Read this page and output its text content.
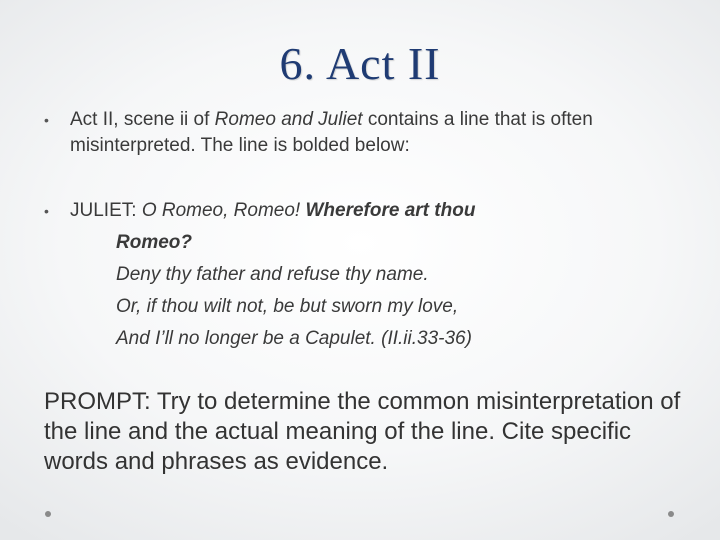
6. Act II
• Act II, scene ii of Romeo and Juliet contains a line that is often misinterpreted. The line is bolded below:
• JULIET: O Romeo, Romeo! Wherefore art thou
Romeo?
Deny thy father and refuse thy name.
Or, if thou wilt not, be but sworn my love,
And I’ll no longer be a Capulet. (II.ii.33-36)
PROMPT: Try to determine the common misinterpretation of the line and the actual meaning of the line. Cite specific words and phrases as evidence.
